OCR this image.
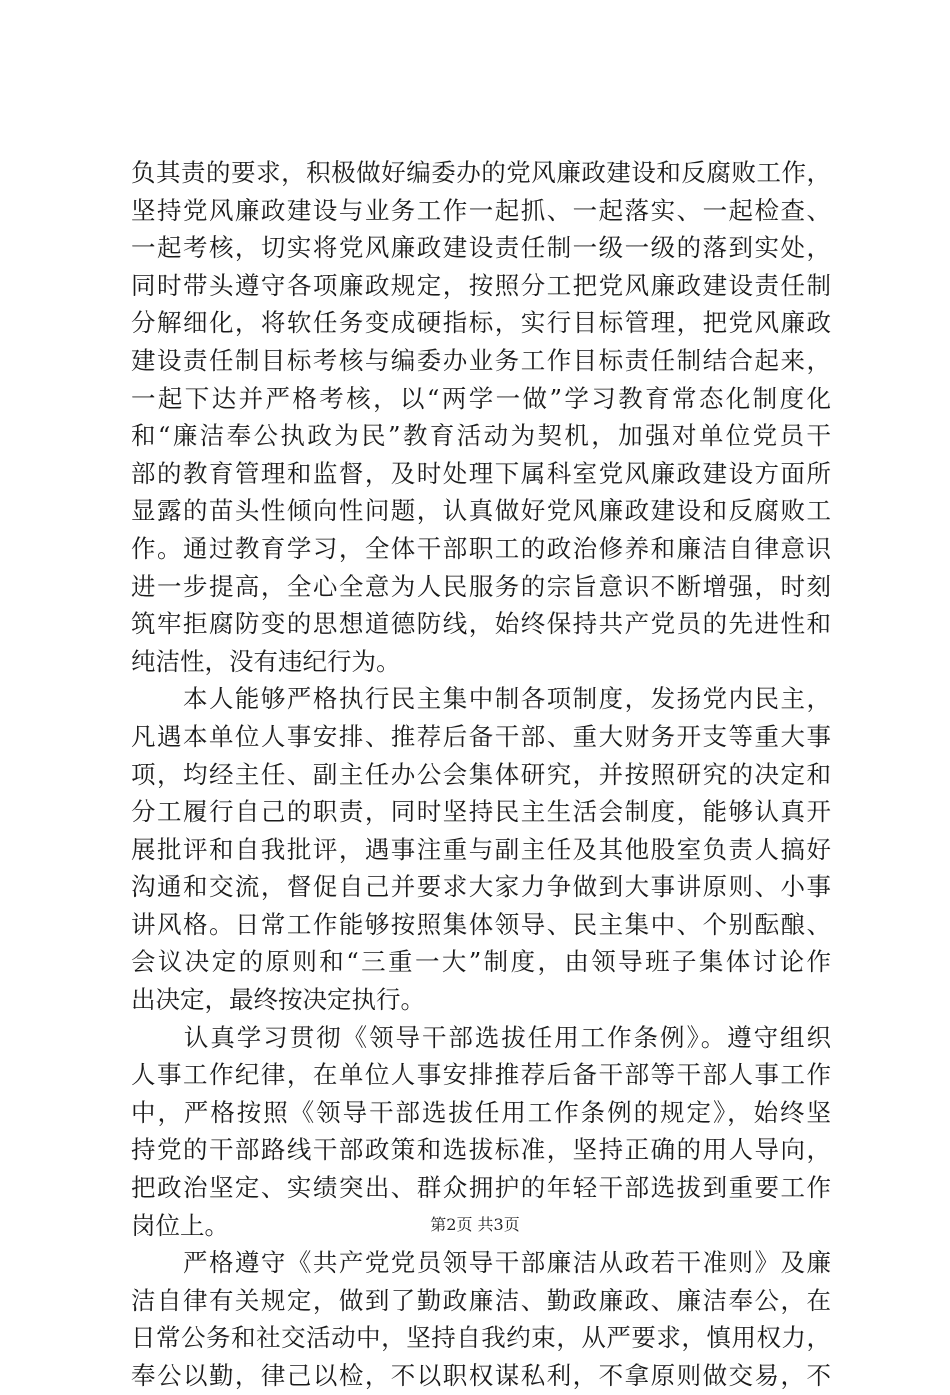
负其责的要求，积极做好编委办的党风廉政建设和反腐败工作，
坚持党风廉政建设与业务工作一起抓、一起落实、一起检查、
一起考核，切实将党风廉政建设责任制一级一级的落到实处，
同时带头遵守各项廉政规定，按照分工把党风廉政建设责任制
分解细化，将软任务变成硬指标，实行目标管理，把党风廉政
建设责任制目标考核与编委办业务工作目标责任制结合起来，
一起下达并严格考核，以“两学一做”学习教育常态化制度化
和“廉洁奉公执政为民”教育活动为契机，加强对单位党员干
部的教育管理和监督，及时处理下属科室党风廉政建设方面所
显露的苗头性倾向性问题，认真做好党风廉政建设和反腐败工
作。通过教育学习，全体干部职工的政治修养和廉洁自律意识
进一步提高，全心全意为人民服务的宗旨意识不断增强，时刻
筑牢拒腐防变的思想道德防线，始终保持共产党员的先进性和
纯洁性，没有违纪行为。
　　本人能够严格执行民主集中制各项制度，发扬党内民主，
凡遇本单位人事安排、推荐后备干部、重大财务开支等重大事
项，均经主任、副主任办公会集体研究，并按照研究的决定和
分工履行自己的职责，同时坚持民主生活会制度，能够认真开
展批评和自我批评，遇事注重与副主任及其他股室负责人搞好
沟通和交流，督促自己并要求大家力争做到大事讲原则、小事
讲风格。日常工作能够按照集体领导、民主集中、个别酝酿、
会议决定的原则和“三重一大”制度，由领导班子集体讨论作
出决定，最终按决定执行。
　　认真学习贯彻《领导干部选拔任用工作条例》。遵守组织
人事工作纪律，在单位人事安排推荐后备干部等干部人事工作
中，严格按照《领导干部选拔任用工作条例的规定》，始终坚
持党的干部路线干部政策和选拔标准，坚持正确的用人导向，
把政治坚定、实绩突出、群众拥护的年轻干部选拔到重要工作
岗位上。
　　严格遵守《共产党党员领导干部廉洁从政若干准则》及廉
洁自律有关规定，做到了勤政廉洁、勤政廉政、廉洁奉公，在
日常公务和社交活动中，坚持自我约束，从严要求，慎用权力，
奉公以勤，律己以检，不以职权谋私利，不拿原则做交易，不
第2页 共3页
